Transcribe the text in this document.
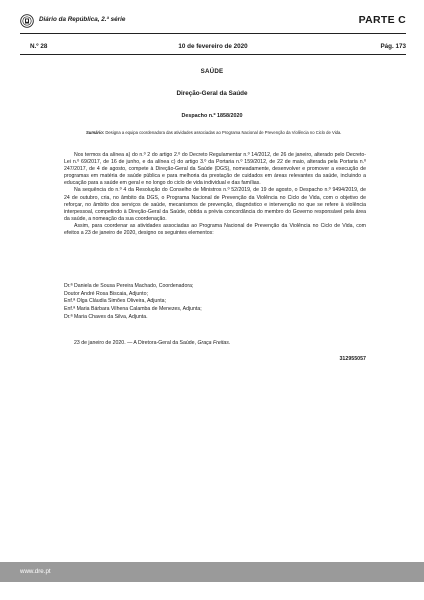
Diário da República, 2.ª série	PARTE C
N.º 28	10 de fevereiro de 2020	Pág. 173
SAÚDE
Direção-Geral da Saúde
Despacho n.º 1858/2020
Sumário: Designa a equipa coordenadora das atividades associadas ao Programa Nacional de Prevenção da Violência no Ciclo de Vida.

Nos termos da alínea a) do n.º 2 do artigo 2.º do Decreto Regulamentar n.º 14/2012, de 26 de janeiro, alterado pelo Decreto-Lei n.º 69/2017, de 16 de junho, e da alínea c) do artigo 3.º da Portaria n.º 159/2012, de 22 de maio, alterada pela Portaria n.º 247/2017, de 4 de agosto, compete à Direção-Geral da Saúde (DGS), nomeadamente, desenvolver e promover a execução de programas em matéria de saúde pública e para melhoria da prestação de cuidados em áreas relevantes da saúde, incluindo a educação para a saúde em geral e no longo do ciclo de vida individual e das famílias.

Na sequência do n.º 4 da Resolução do Conselho de Ministros n.º 52/2019, de 19 de agosto, o Despacho n.º 9494/2019, de 24 de outubro, cria, no âmbito da DGS, o Programa Nacional de Prevenção da Violência no Ciclo de Vida, com o objetivo de reforçar, no âmbito dos serviços de saúde, mecanismos de prevenção, diagnóstico e intervenção no que se refere à violência interpessoal, competindo à Direção-Geral da Saúde, obtida a prévia concordância do membro do Governo responsável pela área da saúde, a nomeação da sua coordenação.

Assim, para coordenar as atividades associadas ao Programa Nacional de Prevenção da Violência no Ciclo de Vida, com efeitos a 23 de janeiro de 2020, designo os seguintes elementos:

Dr.ª Daniela de Sousa Pereira Machado, Coordenadora;
Doutor André Rosa Biscaia, Adjunto;
Enf.ª Olga Cláudia Simões Oliveira, Adjunta;
Enf.ª Maria Bárbara Vilhena Calamba de Menezes, Adjunta;
Dr.ª Maria Chaves da Silva, Adjunta.
23 de janeiro de 2020. — A Diretora-Geral da Saúde, Graça Freitas.
312955057
www.dre.pt
